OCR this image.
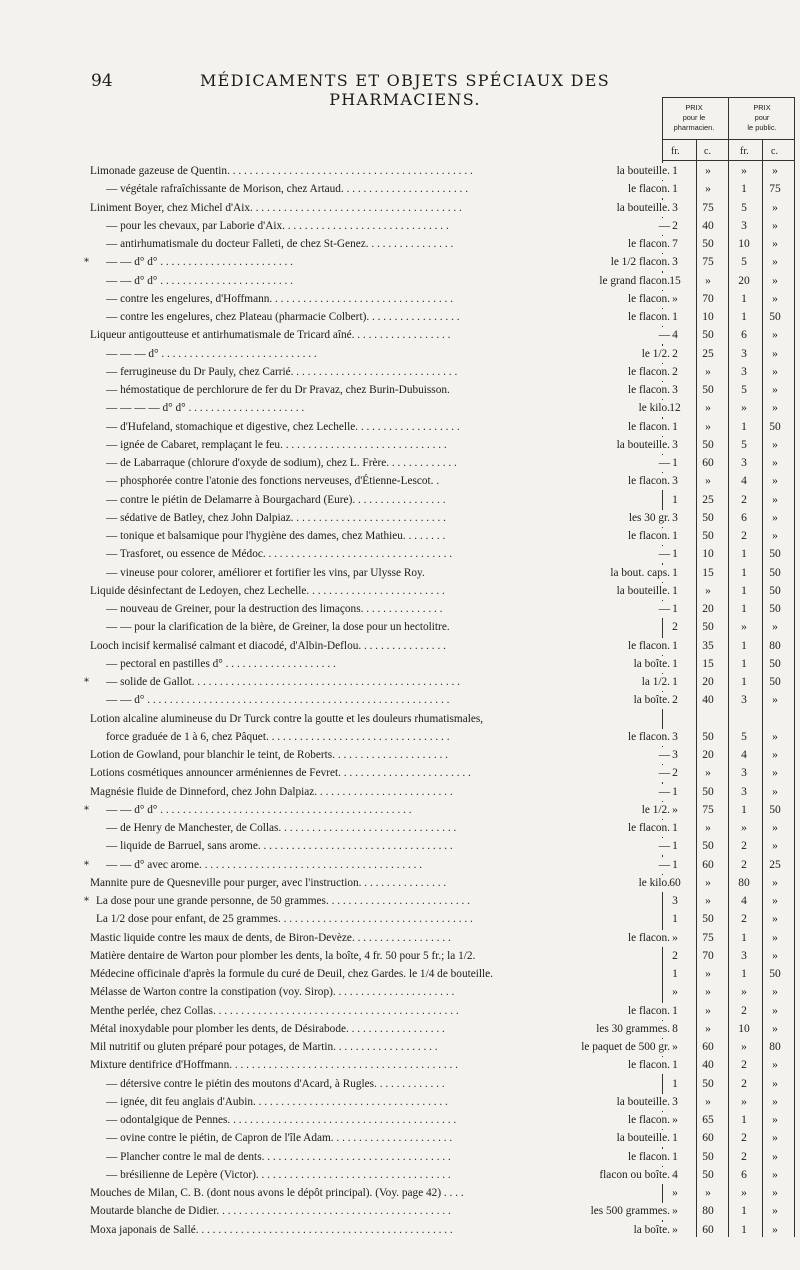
94	MÉDICAMENTS ET OBJETS SPÉCIAUX DES PHARMACIENS.	PRIX
pour le
pharmacien.
PRIX
pour
le public.
fr. c.	fr. c.
Limonade gazeuse de Quentin. . . . . . . . . . . . . . . . . . . . . . . . . . . . . . . . . . . . . . . . . . . .	la bouteille. 1	»	»	»
— végétale rafraîchissante de Morison, chez Artaud. . . . . . . . . . . . . . . . . . . . . . .	le flacon. 1	»	1	75
Liniment Boyer, chez Michel d'Aix. . . . . . . . . . . . . . . . . . . . . . . . . . . . . . . . . . . . . .	la bouteille. 3	75	5	»
— pour les chevaux, par Laborie d'Aix. . . . . . . . . . . . . . . . . . . . . . . . . . . . . .	— 2	40	3	»
— antirhumatismale du docteur Falleti, de chez St-Genez. . . . . . . . . . . . . . . .	le flacon. 7	50	10	»
* — — d° d° . . . . . . . . . . . . . . . . . . . . . . . .	le 1/2 flacon. 3	75	5	»
— — d° d° . . . . . . . . . . . . . . . . . . . . . . . .	le grand flacon. 15	»	20	»
— contre les engelures, d'Hoffmann. . . . . . . . . . . . . . . . . . . . . . . . . . . . . . . . .	le flacon. »	70	1	»
— contre les engelures, chez Plateau (pharmacie Colbert). . . . . . . . . . . . . . . . .	le flacon. 1	10	1	50
Liqueur antigoutteuse et antirhumatismale de Tricard aîné. . . . . . . . . . . . . . . . . .	— 4	50	6	»
— — — d° . . . . . . . . . . . . . . . . . . . . . . . . . . . .	le 1/2. 2	25	3	»
— ferrugineuse du Dr Pauly, chez Carrié. . . . . . . . . . . . . . . . . . . . . . . . . . . . . .	le flacon. 2	»	3	»
— hémostatique de perchlorure de fer du Dr Pravaz, chez Burin-Dubuisson.	le flacon. 3	50	5	»
— — — — d° d° . . . . . . . . . . . . . . . . . . . . .	le kilo. 12	»	»	»
— d'Hufeland, stomachique et digestive, chez Lechelle. . . . . . . . . . . . . . . . . . .	le flacon. 1	»	1	50
— ignée de Cabaret, remplaçant le feu. . . . . . . . . . . . . . . . . . . . . . . . . . . . . .	la bouteille. 3	50	5	»
— de Labarraque (chlorure d'oxyde de sodium), chez L. Frère. . . . . . . . . . . . .	— 1	60	3	»
— phosphorée contre l'atonie des fonctions nerveuses, d'Étienne-Lescot. .	le flacon. 3	»	4	»
— contre le piétin de Delamarre à Bourgachard (Eure). . . . . . . . . . . . . . . . .	1	25	2	»
— sédative de Batley, chez John Dalpiaz. . . . . . . . . . . . . . . . . . . . . . . . . . . .	les 30 gr. 3	50	6	»
— tonique et balsamique pour l'hygiène des dames, chez Mathieu. . . . . . . .	le flacon. 1	50	2	»
— Trasforet, ou essence de Médoc. . . . . . . . . . . . . . . . . . . . . . . . . . . . . . . . . .	— 1	10	1	50
— vineuse pour colorer, améliorer et fortifier les vins, par Ulysse Roy.	la bout. caps. 1	15	1	50
Liquide désinfectant de Ledoyen, chez Lechelle. . . . . . . . . . . . . . . . . . . . . . . . .	la bouteille. 1	»	1	50
— nouveau de Greiner, pour la destruction des limaçons. . . . . . . . . . . . . . .	— 1	20	1	50
— — pour la clarification de la bière, de Greiner, la dose pour un hectolitre.	2	50	»	»
Looch incisif kermalisé calmant et diacodé, d'Albin-Deflou. . . . . . . . . . . . . . . .	le flacon. 1	35	1	80
— pectoral en pastilles d° . . . . . . . . . . . . . . . . . . . .	la boîte. 1	15	1	50
* — solide de Gallot. . . . . . . . . . . . . . . . . . . . . . . . . . . . . . . . . . . . . . . . . . . . . . . .	la 1/2. 1	20	1	50
— — d° . . . . . . . . . . . . . . . . . . . . . . . . . . . . . . . . . . . . . . . . . . . . . . . . . . . . . .	la boîte. 2	40	3	»
Lotion alcaline alumineuse du Dr Turck contre la goutte et les douleurs rhumatismales,
force graduée de 1 à 6, chez Pâquet. . . . . . . . . . . . . . . . . . . . . . . . . . . . . . . . .	le flacon. 3	50	5	»
Lotion de Gowland, pour blanchir le teint, de Roberts. . . . . . . . . . . . . . . . . . . . .	— 3	20	4	»
Lotions cosmétiques announcer arméniennes de Fevret. . . . . . . . . . . . . . . . . . . . . . . .	— 2	»	3	»
Magnésie fluide de Dinneford, chez John Dalpiaz. . . . . . . . . . . . . . . . . . . . . . . . .	— 1	50	3	»
* — — d° d° . . . . . . . . . . . . . . . . . . . . . . . . . . . . . . . . . . . . . . . . . . . . .	le 1/2. »	75	1	50
— de Henry de Manchester, de Collas. . . . . . . . . . . . . . . . . . . . . . . . . . . . . . . .	le flacon. 1	»	»	»
— liquide de Barruel, sans arome. . . . . . . . . . . . . . . . . . . . . . . . . . . . . . . . . . .	— 1	50	2	»
* — — d° avec arome. . . . . . . . . . . . . . . . . . . . . . . . . . . . . . . . . . . . . . . .	— 1	60	2	25
Mannite pure de Quesneville pour purger, avec l'instruction. . . . . . . . . . . . . . . .	le kilo. 60	»	80	»
* La dose pour une grande personne, de 50 grammes. . . . . . . . . . . . . . . . . . . . . . . . . .	3	»	4	»
La 1/2 dose pour enfant, de 25 grammes. . . . . . . . . . . . . . . . . . . . . . . . . . . . . . . . . . .	1	50	2	»
Mastic liquide contre les maux de dents, de Biron-Devèze. . . . . . . . . . . . . . . . . .	le flacon. »	75	1	»
Matière dentaire de Warton pour plomber les dents, la boîte, 4 fr. 50 pour 5 fr.; la 1/2.	2	70	3	»
Médecine officinale d'après la formule du curé de Deuil, chez Gardes. le 1/4 de bouteille.	1	»	1	50
Mélasse de Warton contre la constipation (voy. Sirop). . . . . . . . . . . . . . . . . . . . . .	»	»	»	»
Menthe perlée, chez Collas. . . . . . . . . . . . . . . . . . . . . . . . . . . . . . . . . . . . . . . . . . . .	le flacon. 1	»	2	»
Métal inoxydable pour plomber les dents, de Désirabode. . . . . . . . . . . . . . . . . .	les 30 grammes. 8	»	10	»
Mil nutritif ou gluten préparé pour potages, de Martin. . . . . . . . . . . . . . . . . . .	le paquet de 500 gr. »	60	»	80
Mixture dentifrice d'Hoffmann. . . . . . . . . . . . . . . . . . . . . . . . . . . . . . . . . . . . . . . . .	le flacon. 1	40	2	»
— détersive contre le piétin des moutons d'Acard, à Rugles. . . . . . . . . . . . .	1	50	2	»
— ignée, dit feu anglais d'Aubin. . . . . . . . . . . . . . . . . . . . . . . . . . . . . . . . . . .	la bouteille. 3	»	»	»
— odontalgique de Pennes. . . . . . . . . . . . . . . . . . . . . . . . . . . . . . . . . . . . . . . . .	le flacon. »	65	1	»
— ovine contre le piétin, de Capron de l'île Adam. . . . . . . . . . . . . . . . . . . . . .	la bouteille. 1	60	2	»
— Plancher contre le mal de dents. . . . . . . . . . . . . . . . . . . . . . . . . . . . . . . . . .	le flacon. 1	50	2	»
— brésilienne de Lepère (Victor). . . . . . . . . . . . . . . . . . . . . . . . . . . . . . . . . . .	flacon ou boîte. 4	50	6	»
Mouches de Milan, C. B. (dont nous avons le dépôt principal). (Voy. page 42) . . . .	»	»	»	»
Moutarde blanche de Didier. . . . . . . . . . . . . . . . . . . . . . . . . . . . . . . . . . . . . . . . . .	les 500 grammes. »	80	1	»
Moxa japonais de Sallé. . . . . . . . . . . . . . . . . . . . . . . . . . . . . . . . . . . . . . . . . . . . . .	la boîte. »	60	1	»
